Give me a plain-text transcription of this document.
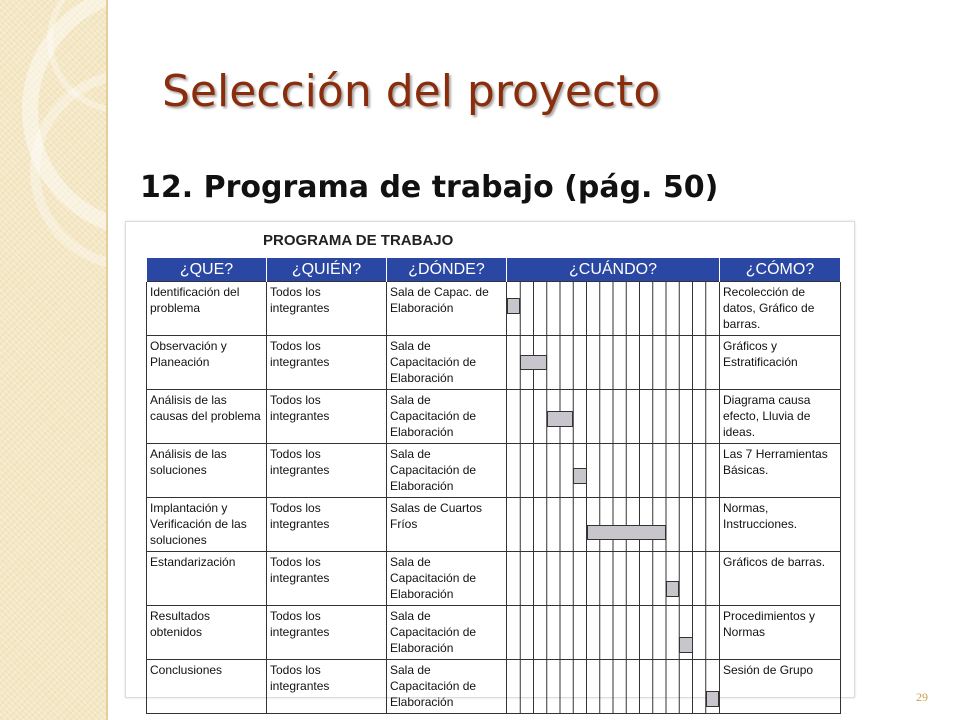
Selección del proyecto
12. Programa de trabajo (pág. 50)
PROGRAMA DE TRABAJO
¿QUE?	¿QUIÉN?	¿DÓNDE?	¿CUÁNDO?	¿CÓMO?
Identificación del problema	Todos los integrantes	Sala de Capac. de Elaboración		Recolección de datos, Gráfico de barras.
Observación y Planeación	Todos los integrantes	Sala de Capacitación de Elaboración		Gráficos y Estratificación
Análisis de las causas del problema	Todos los integrantes	Sala de Capacitación de Elaboración		Diagrama causa efecto, Lluvia de ideas.
Análisis de las soluciones	Todos los integrantes	Sala de Capacitación de Elaboración		Las 7 Herramientas Básicas.
Implantación y Verificación de las soluciones	Todos los integrantes	Salas de Cuartos Fríos		Normas, Instrucciones.
Estandarización	Todos los integrantes	Sala de Capacitación de Elaboración		Gráficos de barras.
Resultados obtenidos	Todos los integrantes	Sala de Capacitación de Elaboración		Procedimientos y Normas
Conclusiones	Todos los integrantes	Sala de Capacitación de Elaboración		Sesión de Grupo
29
